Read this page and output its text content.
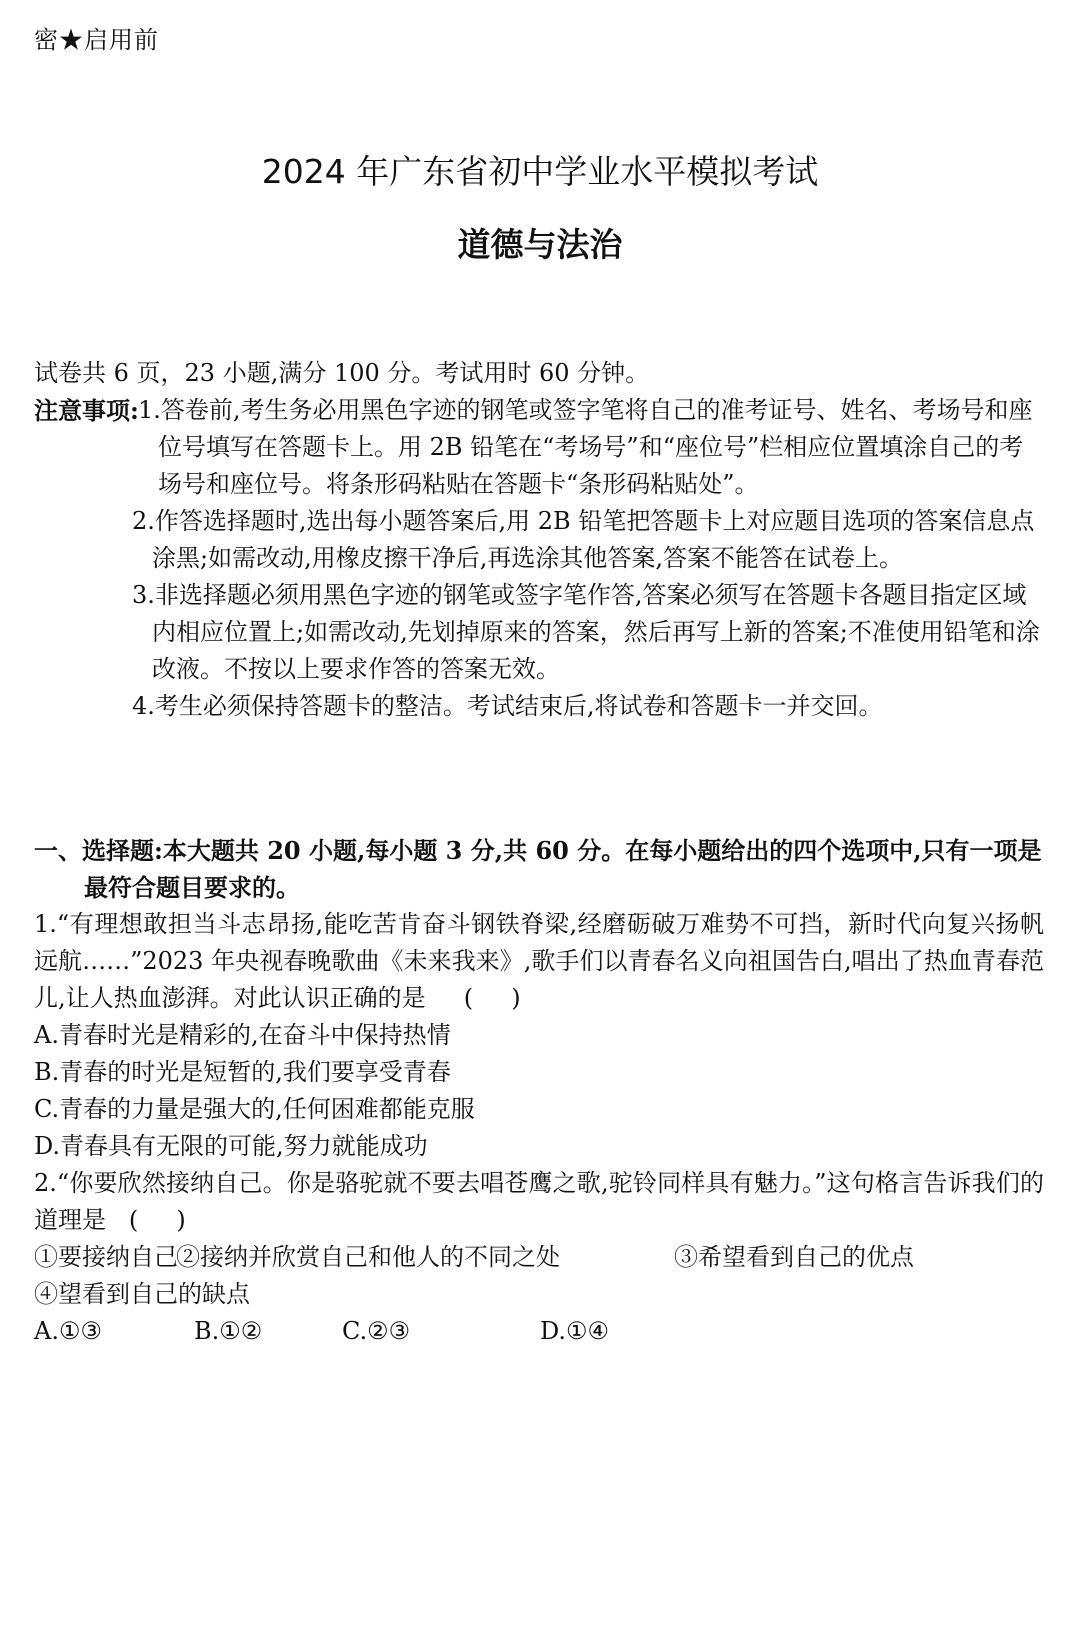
密★启用前
2024 年广东省初中学业水平模拟考试
道德与法治
试卷共 6 页，23 小题,满分 100 分。考试用时 60 分钟。
注意事项: 1.答卷前,考生务必用黑色字迹的钢笔或签字笔将自己的准考证号、姓名、考场号和座位号填写在答题卡上。用 2B 铅笔在“考场号”和“座位号”栏相应位置填涂自己的考场号和座位号。将条形码粘贴在答题卡“条形码粘贴处”。
2.作答选择题时,选出每小题答案后,用 2B 铅笔把答题卡上对应题目选项的答案信息点涂黑;如需改动,用橡皮擦干净后,再选涂其他答案,答案不能答在试卷上。
3.非选择题必须用黑色字迹的钢笔或签字笔作答,答案必须写在答题卡各题目指定区域内相应位置上;如需改动,先划掉原来的答案，然后再写上新的答案;不准使用铅笔和涂改液。不按以上要求作答的答案无效。
4.考生必须保持答题卡的整洁。考试结束后,将试卷和答题卡一并交回。

一、选择题:本大题共 20 小题,每小题 3 分,共 60 分。在每小题给出的四个选项中,只有一项是最符合题目要求的。

1.“有理想敢担当斗志昂扬,能吃苦肯奋斗钢铁脊梁,经磨砺破万难势不可挡，新时代向复兴扬帆远航……”2023 年央视春晚歌曲《未来我来》,歌手们以青春名义向祖国告白,唱出了热血青春范儿,让人热血澎湃。对此认识正确的是     (     )

A.青春时光是精彩的,在奋斗中保持热情

B.青春的时光是短暂的,我们要享受青春

C.青春的力量是强大的,任何困难都能克服

D.青春具有无限的可能,努力就能成功

2.“你要欣然接纳自己。你是骆驼就不要去唱苍鹰之歌,驼铃同样具有魅力。”这句格言告诉我们的道理是   (     )

①要接纳自己
②接纳并欣赏自己和他人的不同之处	③希望看到自己的优点
④望看到自己的缺点
A.①③	B.①②	C.②③	D.①④
